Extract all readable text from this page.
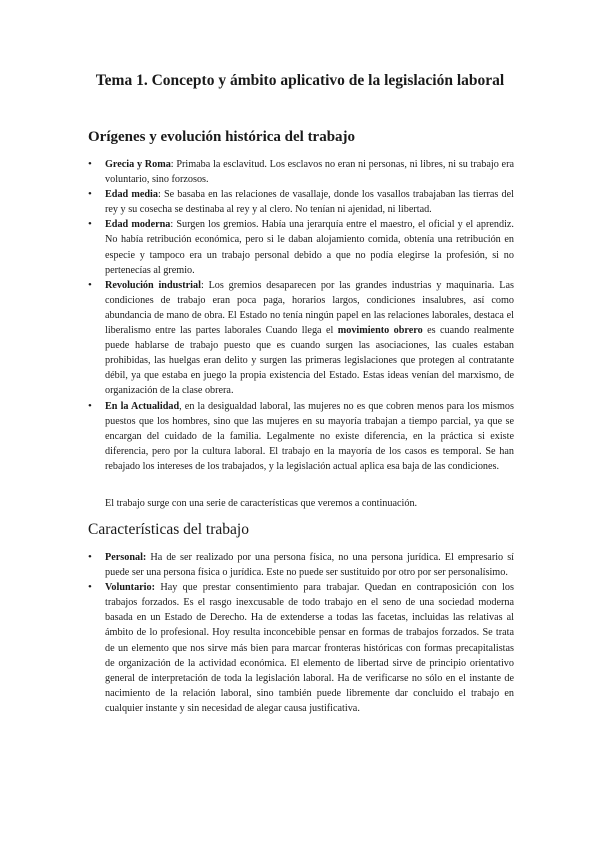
Tema 1. Concepto y ámbito aplicativo de la legislación laboral
Orígenes y evolución histórica del trabajo
• Grecia y Roma: Primaba la esclavitud. Los esclavos no eran ni personas, ni libres, ni su trabajo era voluntario, sino forzosos.
• Edad media: Se basaba en las relaciones de vasallaje, donde los vasallos trabajaban las tierras del rey y su cosecha se destinaba al rey y al clero. No tenían ni ajenidad, ni libertad.
• Edad moderna: Surgen los gremios. Había una jerarquía entre el maestro, el oficial y el aprendiz. No había retribución económica, pero si le daban alojamiento comida, obtenía una retribución en especie y tampoco era un trabajo personal debido a que no podía elegirse la profesión, si no pertenecías al gremio.
• Revolución industrial: Los gremios desaparecen por las grandes industrias y maquinaria. Las condiciones de trabajo eran poca paga, horarios largos, condiciones insalubres, así como abundancia de mano de obra. El Estado no tenía ningún papel en las relaciones laborales, destaca el liberalismo entre las partes laborales Cuando llega el movimiento obrero es cuando realmente puede hablarse de trabajo puesto que es cuando surgen las asociaciones, las cuales estaban prohibidas, las huelgas eran delito y surgen las primeras legislaciones que protegen al contratante débil, ya que estaba en juego la propia existencia del Estado. Estas ideas venían del marxismo, de organización de la clase obrera.
• En la Actualidad, en la desigualdad laboral, las mujeres no es que cobren menos para los mismos puestos que los hombres, sino que las mujeres en su mayoría trabajan a tiempo parcial, ya que se encargan del cuidado de la familia. Legalmente no existe diferencia, en la práctica si existe diferencia, pero por la cultura laboral. El trabajo en la mayoría de los casos es temporal. Se han rebajado los intereses de los trabajados, y la legislación actual aplica esa baja de las condiciones.

El trabajo surge con una serie de características que veremos a continuación.

Características del trabajo
• Personal: Ha de ser realizado por una persona física, no una persona jurídica. El empresario sí puede ser una persona física o jurídica. Este no puede ser sustituido por otro por ser personalísimo.
• Voluntario: Hay que prestar consentimiento para trabajar. Quedan en contraposición con los trabajos forzados. Es el rasgo inexcusable de todo trabajo en el seno de una sociedad moderna basada en un Estado de Derecho. Ha de extenderse a todas las facetas, incluidas las relativas al ámbito de lo profesional. Hoy resulta inconcebible pensar en formas de trabajos forzados. Se trata de un elemento que nos sirve más bien para marcar fronteras históricas con formas precapitalistas de organización de la actividad económica. El elemento de libertad sirve de principio orientativo general de interpretación de toda la legislación laboral. Ha de verificarse no sólo en el instante de nacimiento de la relación laboral, sino también puede libremente dar concluido el trabajo en cualquier instante y sin necesidad de alegar causa justificativa.
